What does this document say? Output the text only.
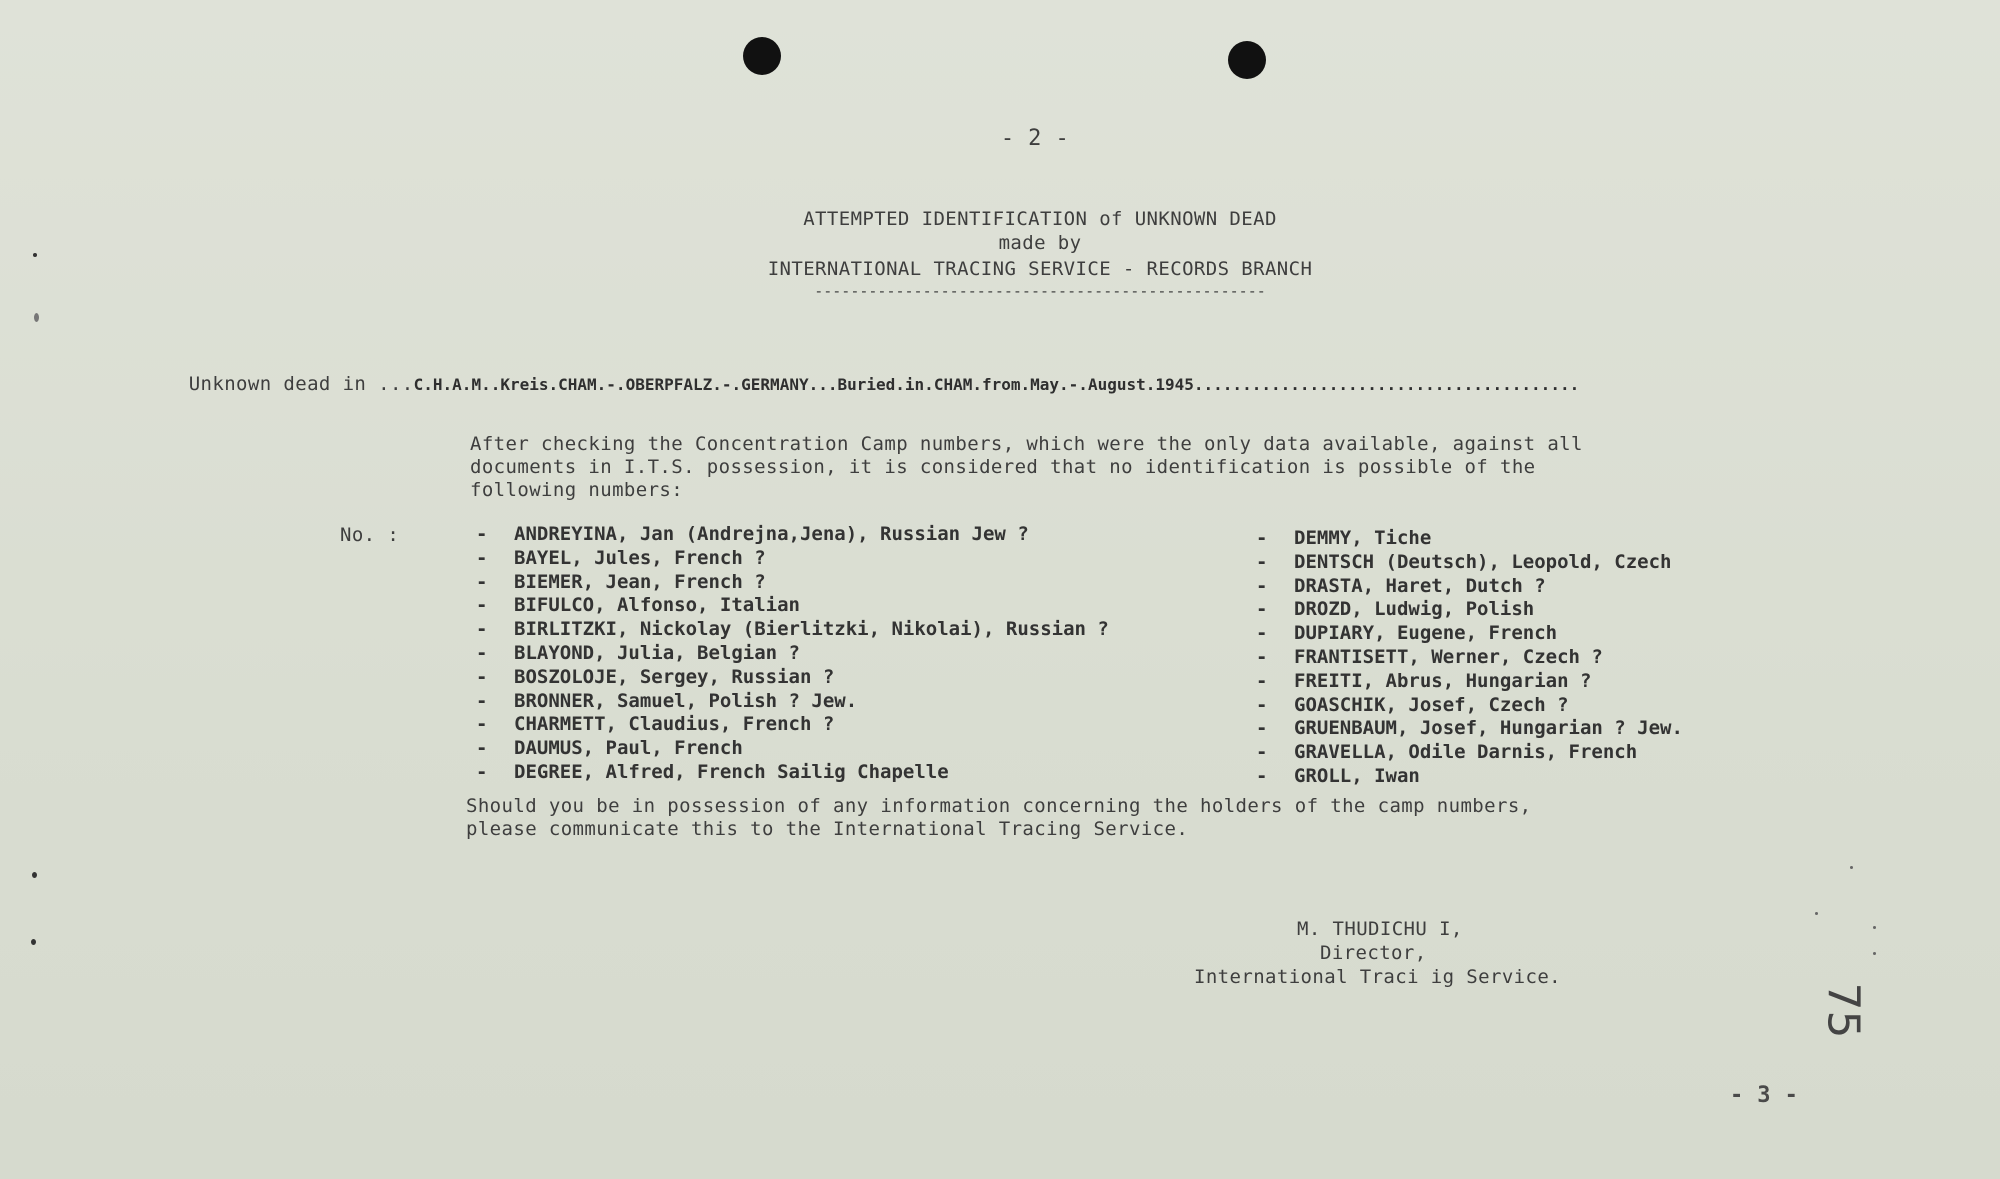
- 2 -
ATTEMPTED IDENTIFICATION of UNKNOWN DEAD
made by
INTERNATIONAL TRACING SERVICE - RECORDS BRANCH
--------------------------------------------------

Unknown dead in ...C.H.A.M..Kreis.CHAM.-.OBERPFALZ.-.GERMANY...Buried.in.CHAM.from.May.-.August.1945........................................

After checking the Concentration Camp numbers, which were the only data available, against all
documents in I.T.S. possession, it is considered that no identification is possible of the
following numbers:
No. :	- ANDREYINA, Jan (Andrejna,Jena), Russian Jew ?
- BAYEL, Jules, French ?
- BIEMER, Jean, French ?
- BIFULCO, Alfonso, Italian
- BIRLITZKI, Nickolay (Bierlitzki, Nikolai), Russian ?
- BLAYOND, Julia, Belgian ?
- BOSZOLOJE, Sergey, Russian ?
- BRONNER, Samuel, Polish ? Jew.
- CHARMETT, Claudius, French ?
- DAUMUS, Paul, French
- DEGREE, Alfred, French Sailig Chapelle
- DEMMY, Tiche
- DENTSCH (Deutsch), Leopold, Czech
- DRASTA, Haret, Dutch ?
- DROZD, Ludwig, Polish
- DUPIARY, Eugene, French
- FRANTISETT, Werner, Czech ?
- FREITI, Abrus, Hungarian ?
- GOASCHIK, Josef, Czech ?
- GRUENBAUM, Josef, Hungarian ? Jew.
- GRAVELLA, Odile Darnis, French
- GROLL, Iwan
Should you be in possession of any information concerning the holders of the camp numbers,
please communicate this to the International Tracing Service.
M. THUDICHU I,
Director,
International Traci ig Service.
75
- 3 -
